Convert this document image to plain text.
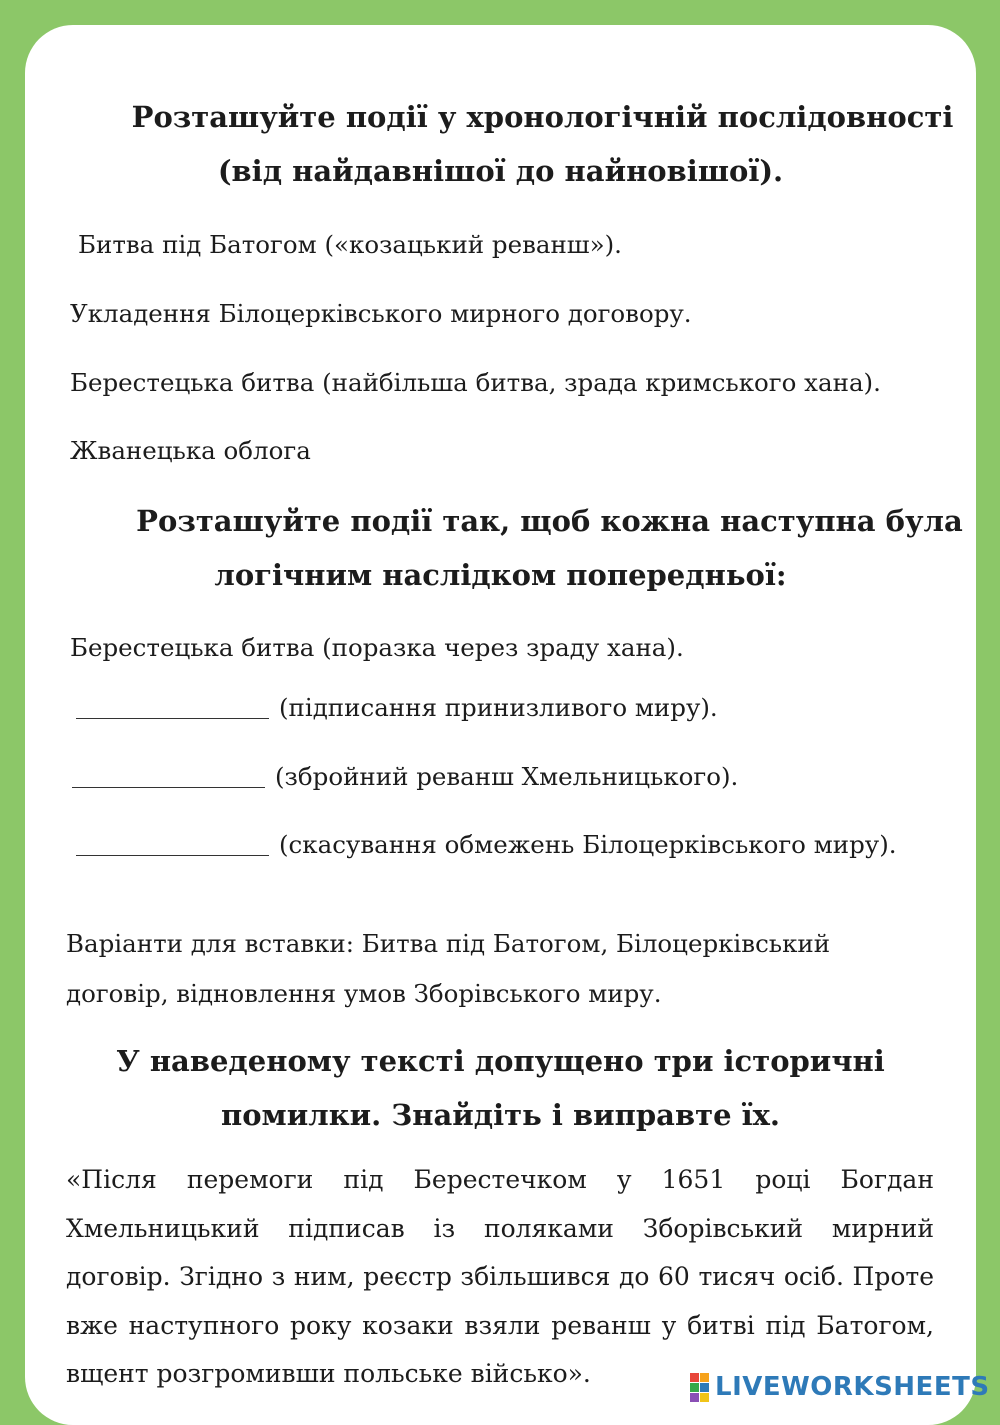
Розташуйте події у хронологічній послідовності

(від найдавнішої до найновішої).

Битва під Батогом («козацький реванш»).

Укладення Білоцерківського мирного договору.

Берестецька битва (найбільша битва, зрада кримського хана).

Жванецька облога

Розташуйте події так, щоб кожна наступна була

логічним наслідком попередньої:

Берестецька битва (поразка через зраду хана).

(підписання принизливого миру).
(збройний реванш Хмельницького).
(скасування обмежень Білоцерківського миру).

Варіанти для вставки: Битва під Батогом, Білоцерківський

договір, відновлення умов Зборівського миру.

У наведеному тексті допущено три історичні

помилки. Знайдіть і виправте їх.

«Після перемоги під Берестечком у 1651 році Богдан Хмельницький підписав із поляками Зборівський мирний договір. Згідно з ним, реєстр збільшився до 60 тисяч осіб. Проте вже наступного року козаки взяли реванш у битві під Батогом, вщент розгромивши польське військо».	LIVEWORKSHEETS
